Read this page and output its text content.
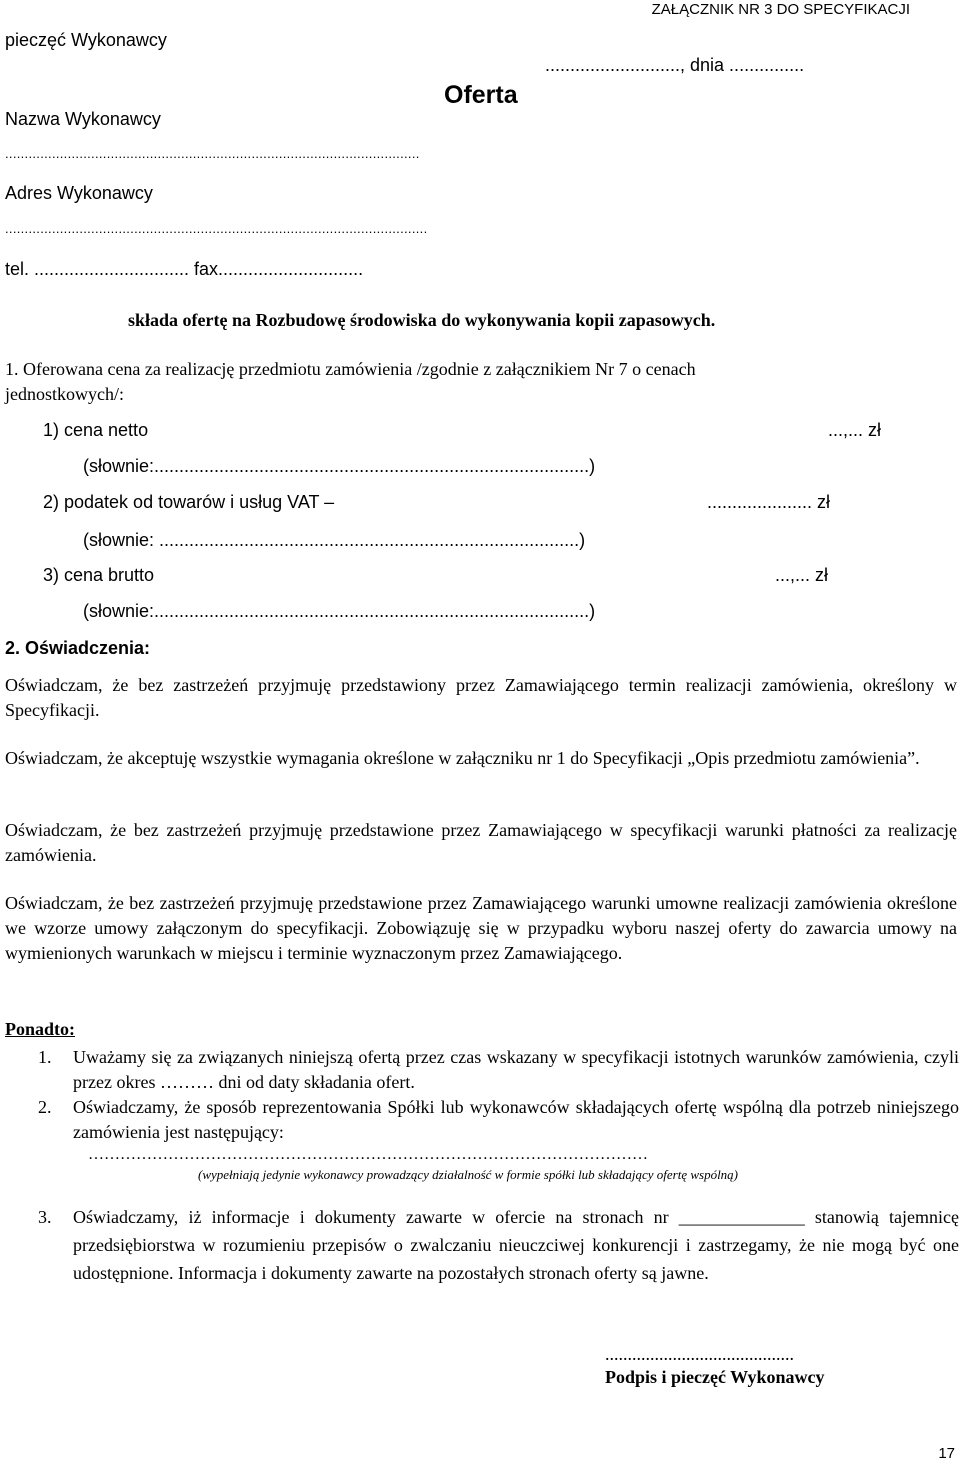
ZAŁĄCZNIK NR 3 DO SPECYFIKACJI
pieczęć Wykonawcy
..........................., dnia ...............
Oferta
Nazwa Wykonawcy
..........................................................................................................
Adres Wykonawcy
............................................................................................................
tel. ............................... fax.............................
składa ofertę na Rozbudowę środowiska do wykonywania kopii zapasowych.
1. Oferowana cena za realizację przedmiotu zamówienia /zgodnie z załącznikiem Nr 7 o cenach
jednostkowych/:
1) cena netto	...,... zł
(słownie:.......................................................................................)
2) podatek od towarów i usług VAT –	..................... zł
(słownie: ....................................................................................)
3) cena brutto	...,... zł
(słownie:.......................................................................................)
2. Oświadczenia:
Oświadczam, że bez zastrzeżeń przyjmuję przedstawiony przez Zamawiającego termin realizacji zamówienia, określony w Specyfikacji.
Oświadczam, że akceptuję wszystkie wymagania określone w załączniku nr 1 do Specyfikacji „Opis przedmiotu zamówienia”.
Oświadczam, że bez zastrzeżeń przyjmuję przedstawione przez Zamawiającego w specyfikacji warunki płatności za realizację zamówienia.
Oświadczam, że bez zastrzeżeń przyjmuję przedstawione przez Zamawiającego warunki umowne realizacji zamówienia określone we wzorze umowy załączonym do specyfikacji. Zobowiązuję się w przypadku wyboru naszej oferty do zawarcia umowy na wymienionych warunkach w miejscu i terminie wyznaczonym przez Zamawiającego.
Ponadto:
1. Uważamy się za związanych niniejszą ofertą przez czas wskazany w specyfikacji istotnych warunków zamówienia, czyli przez okres ……… dni od daty składania ofert.
2. Oświadczamy, że sposób reprezentowania Spółki lub wykonawców składających ofertę wspólną dla potrzeb niniejszego zamówienia jest następujący:
……………………………………………………………………………………………
(wypełniają jedynie wykonawcy prowadzący działalność w formie spółki lub składający ofertę wspólną)
3. Oświadczamy, iż informacje i dokumenty zawarte w ofercie na stronach nr ______________ stanowią tajemnicę przedsiębiorstwa w rozumieniu przepisów o zwalczaniu nieuczciwej konkurencji i zastrzegamy, że nie mogą być one udostępnione. Informacja i dokumenty zawarte na pozostałych stronach oferty są jawne.
..........................................
Podpis i pieczęć Wykonawcy
17
